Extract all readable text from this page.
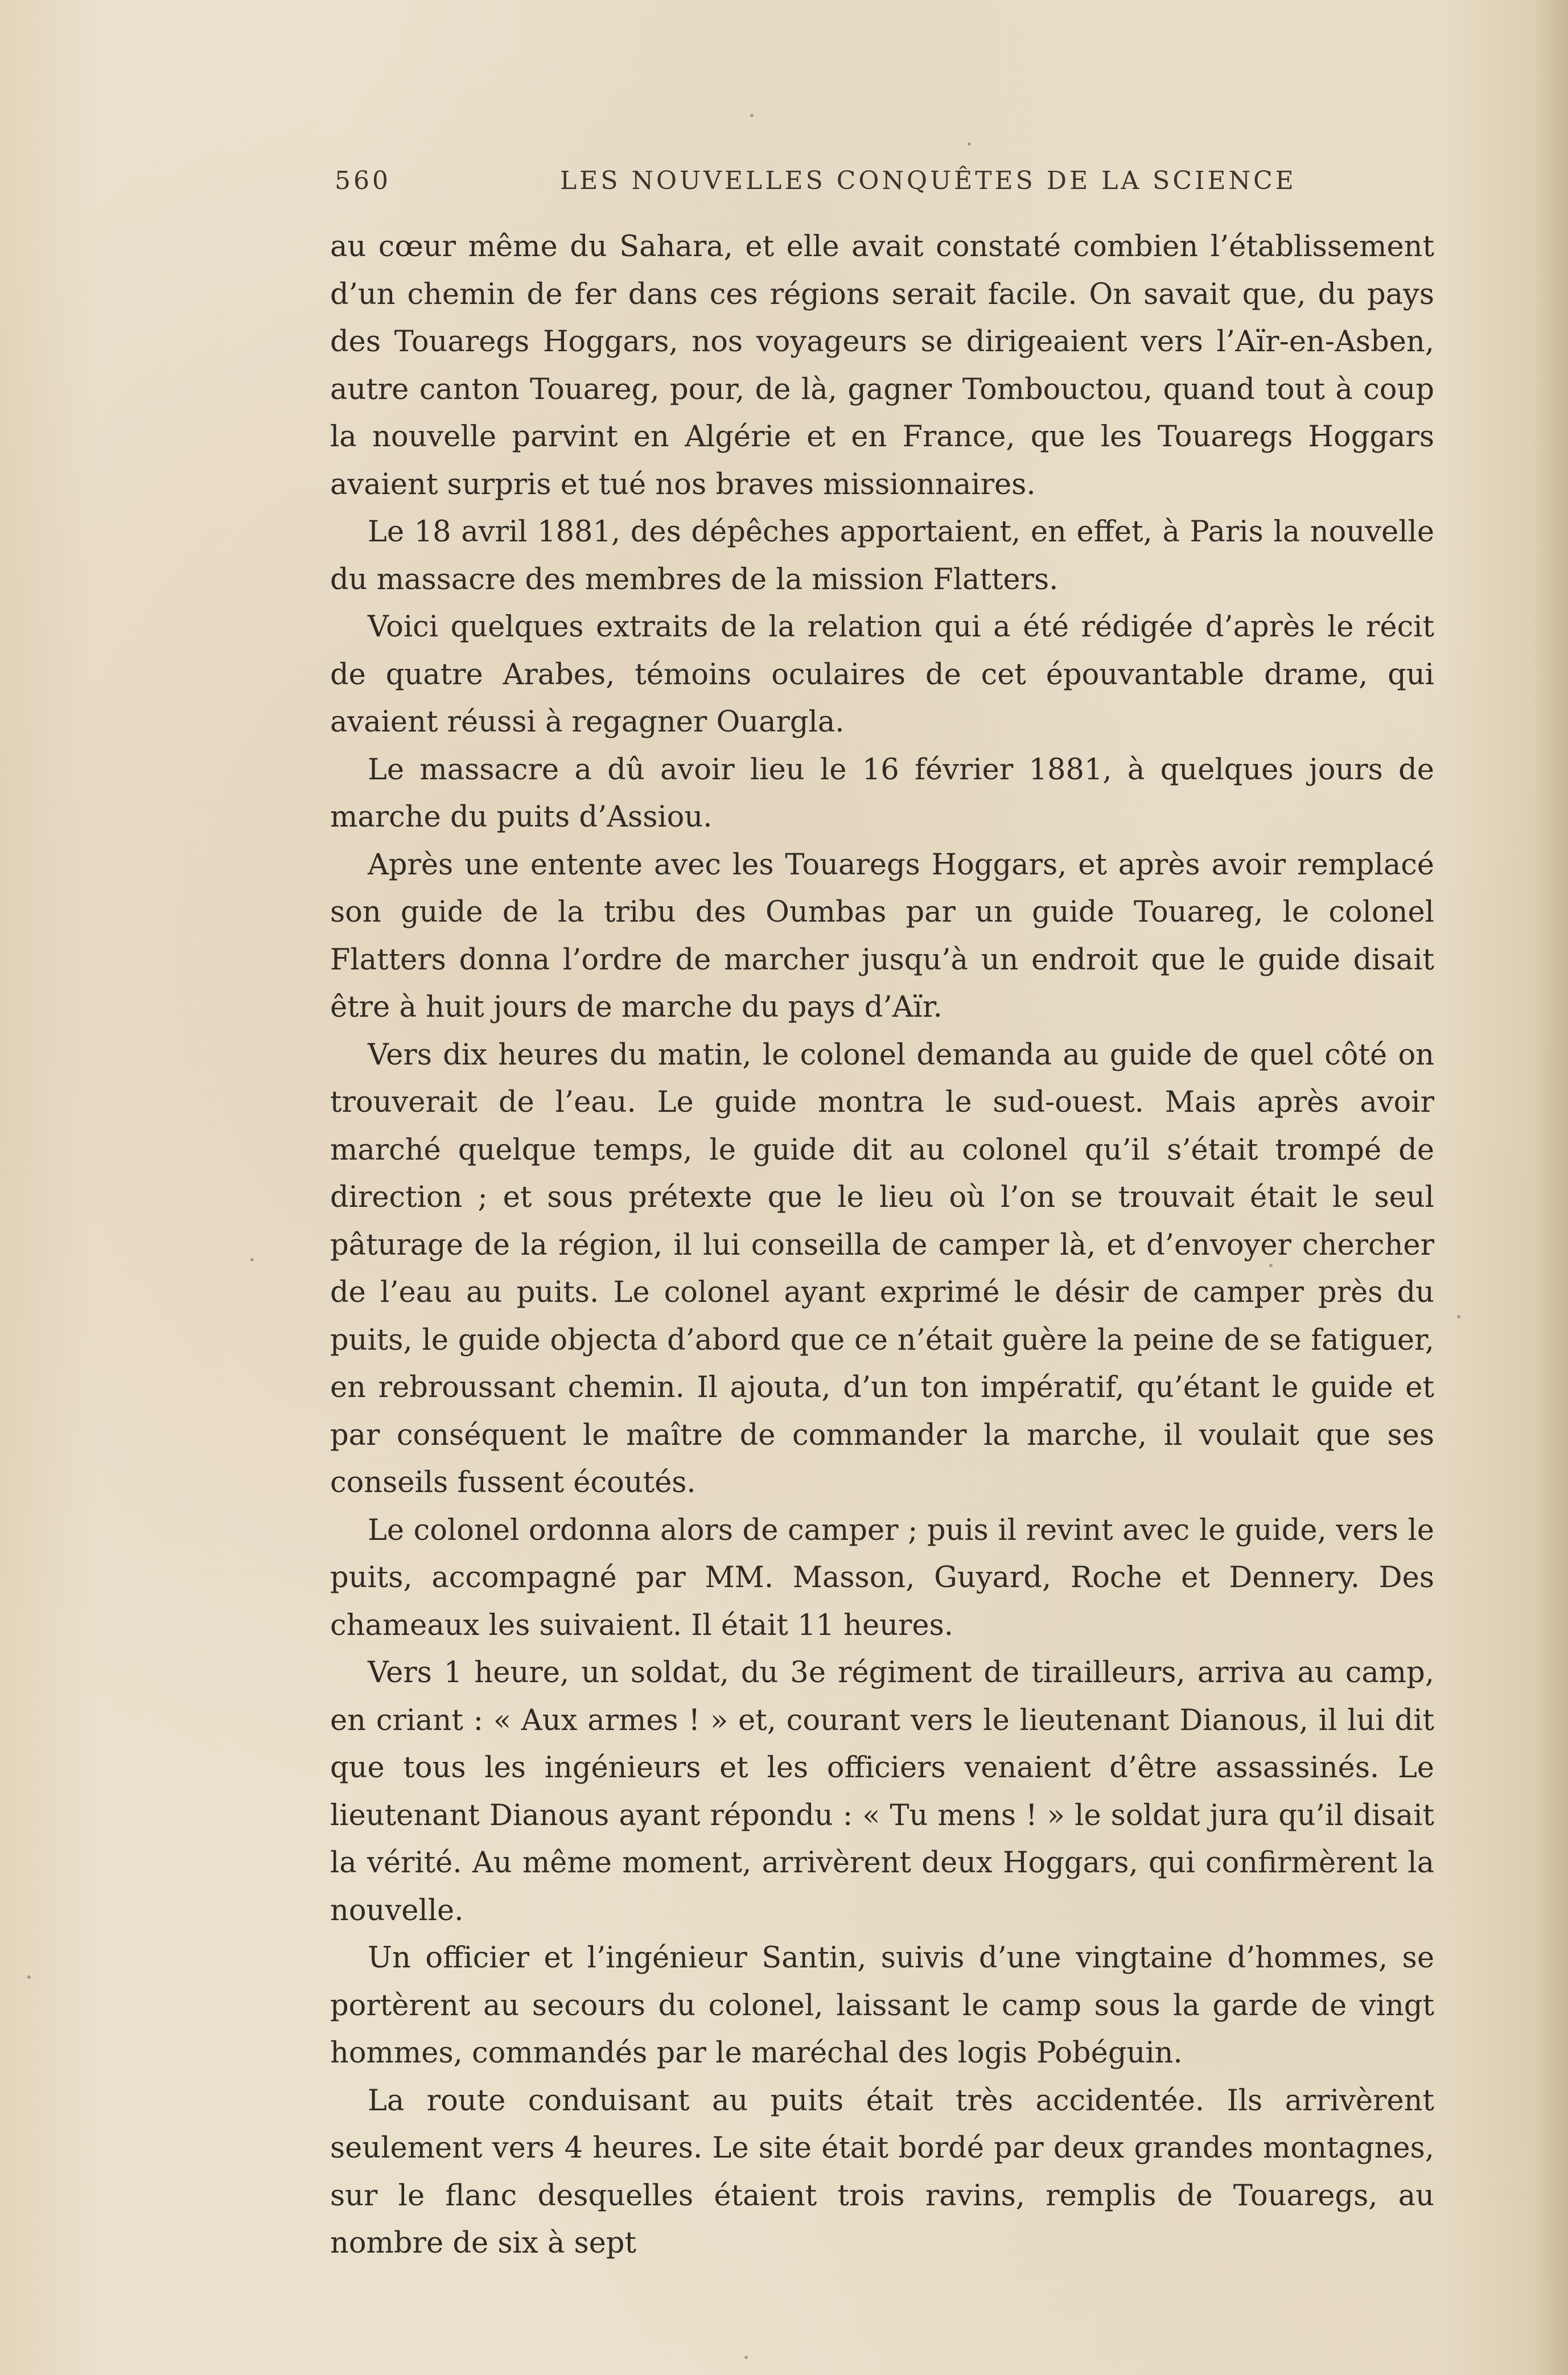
560	LES NOUVELLES CONQUÊTES DE LA SCIENCE

au cœur même du Sahara, et elle avait constaté combien l’établissement d’un chemin de fer dans ces régions serait facile. On savait que, du pays des Touaregs Hoggars, nos voyageurs se dirigeaient vers l’Aïr-en-Asben, autre canton Touareg, pour, de là, gagner Tombouctou, quand tout à coup la nouvelle parvint en Algérie et en France, que les Touaregs Hoggars avaient surpris et tué nos braves missionnaires.

Le 18 avril 1881, des dépêches apportaient, en effet, à Paris la nouvelle du massacre des membres de la mission Flatters.

Voici quelques extraits de la relation qui a été rédigée d’après le récit de quatre Arabes, témoins oculaires de cet épouvantable drame, qui avaient réussi à regagner Ouargla.

Le massacre a dû avoir lieu le 16 février 1881, à quelques jours de marche du puits d’Assiou.

Après une entente avec les Touaregs Hoggars, et après avoir remplacé son guide de la tribu des Oumbas par un guide Touareg, le colonel Flatters donna l’ordre de marcher jusqu’à un endroit que le guide disait être à huit jours de marche du pays d’Aïr.

Vers dix heures du matin, le colonel demanda au guide de quel côté on trouverait de l’eau. Le guide montra le sud-ouest. Mais après avoir marché quelque temps, le guide dit au colonel qu’il s’était trompé de direction ; et sous prétexte que le lieu où l’on se trouvait était le seul pâturage de la région, il lui conseilla de camper là, et d’envoyer chercher de l’eau au puits. Le colonel ayant exprimé le désir de camper près du puits, le guide objecta d’abord que ce n’était guère la peine de se fatiguer, en rebroussant chemin. Il ajouta, d’un ton impératif, qu’étant le guide et par conséquent le maître de commander la marche, il voulait que ses conseils fussent écoutés.

Le colonel ordonna alors de camper ; puis il revint avec le guide, vers le puits, accompagné par MM. Masson, Guyard, Roche et Dennery. Des chameaux les suivaient. Il était 11 heures.

Vers 1 heure, un soldat, du 3e régiment de tirailleurs, arriva au camp, en criant : « Aux armes ! » et, courant vers le lieutenant Dianous, il lui dit que tous les ingénieurs et les officiers venaient d’être assassinés. Le lieutenant Dianous ayant répondu : « Tu mens ! » le soldat jura qu’il disait la vérité. Au même moment, arrivèrent deux Hoggars, qui confirmèrent la nouvelle.

Un officier et l’ingénieur Santin, suivis d’une vingtaine d’hommes, se portèrent au secours du colonel, laissant le camp sous la garde de vingt hommes, commandés par le maréchal des logis Pobéguin.

La route conduisant au puits était très accidentée. Ils arrivèrent seulement vers 4 heures. Le site était bordé par deux grandes montagnes, sur le flanc desquelles étaient trois ravins, remplis de Touaregs, au nombre de six à sept
